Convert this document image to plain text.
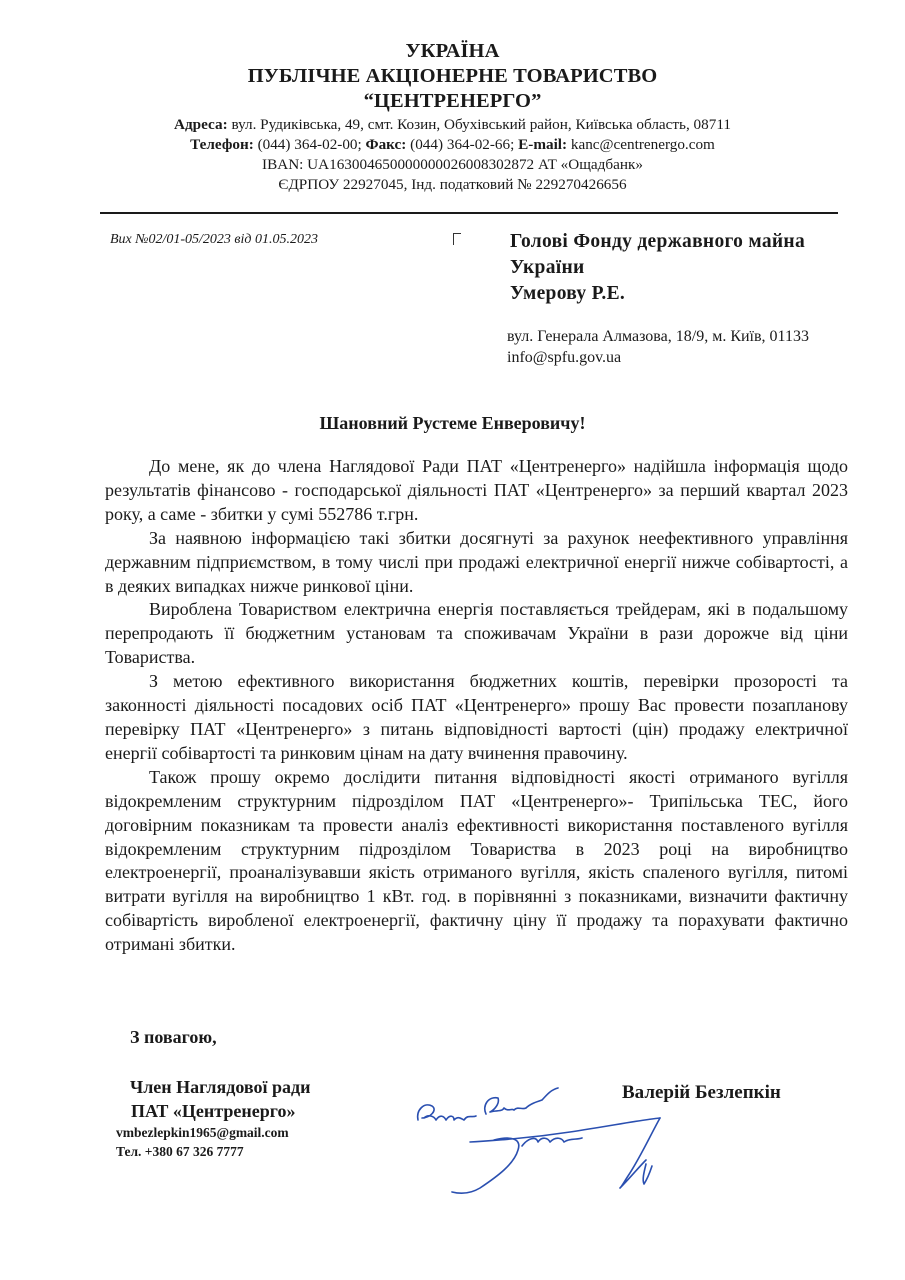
УКРАЇНА
ПУБЛІЧНЕ АКЦІОНЕРНЕ ТОВАРИСТВО
“ЦЕНТРЕНЕРГО”
Адреса: вул. Рудиківська, 49, смт. Козин, Обухівський район, Київська область, 08711
Телефон: (044) 364-02-00; Факс: (044) 364-02-66; E-mail: kanc@centrenergo.com
IBAN: UA163004650000000026008302872 АТ «Ощадбанк»
ЄДРПОУ 22927045, Інд. податковий № 229270426656
Вих №02/01-05/2023 від 01.05.2023	Голові Фонду державного майна
України
Умерову Р.Е.
вул. Генерала Алмазова, 18/9, м. Київ, 01133
info@spfu.gov.ua
Шановний Рустеме Енверовичу!

До мене, як до члена Наглядової Ради ПАТ «Центренерго» надійшла інформація щодо результатів фінансово - господарської діяльності ПАТ «Центренерго» за перший квартал 2023 року, а саме - збитки у сумі 552786 т.грн.

За наявною інформацією такі збитки досягнуті за рахунок неефективного управління державним підприємством, в тому числі при продажі електричної енергії нижче собівартості, а в деяких випадках нижче ринкової ціни.

Вироблена Товариством електрична енергія поставляється трейдерам, які в подальшому перепродають її бюджетним установам та споживачам України в рази дорожче від ціни Товариства.

З метою ефективного використання бюджетних коштів, перевірки прозорості та законності діяльності посадових осіб ПАТ «Центренерго» прошу Вас провести позапланову перевірку ПАТ «Центренерго» з питань відповідності вартості (цін) продажу електричної енергії собівартості та ринковим цінам на дату вчинення правочину.

Також прошу окремо дослідити питання відповідності якості отриманого вугілля відокремленим структурним підрозділом ПАТ «Центренерго»- Трипільська ТЕС, його договірним показникам та провести аналіз ефективності використання поставленого вугілля відокремленим структурним підрозділом Товариства в 2023 році на виробництво електроенергії, проаналізувавши якість отриманого вугілля, якість спаленого вугілля, питомі витрати вугілля на виробництво 1 кВт. год. в порівнянні з показниками, визначити фактичну собівартість виробленої електроенергії, фактичну ціну її продажу та порахувати фактично отримані збитки.

З повагою,
Член Наглядової ради
ПАТ «Центренерго»
vmbezlepkin1965@gmail.com
Тел. +380 67 326 7777
Валерій Безлепкін
